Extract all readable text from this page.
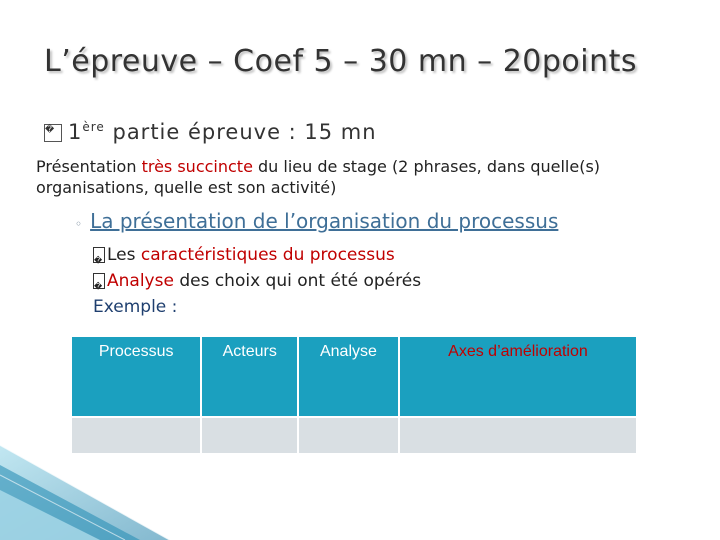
L’épreuve – Coef 5 – 30 mn – 20points
� 1ère partie épreuve : 15 mn
Présentation très succincte du lieu de stage (2 phrases, dans quelle(s) organisations, quelle est son activité)
◦ La présentation de l’organisation du processus
� Les caractéristiques du processus
� Analyse des choix qui ont été opérés
Exemple :
Processus	Acteurs	Analyse	Axes d’amélioration
